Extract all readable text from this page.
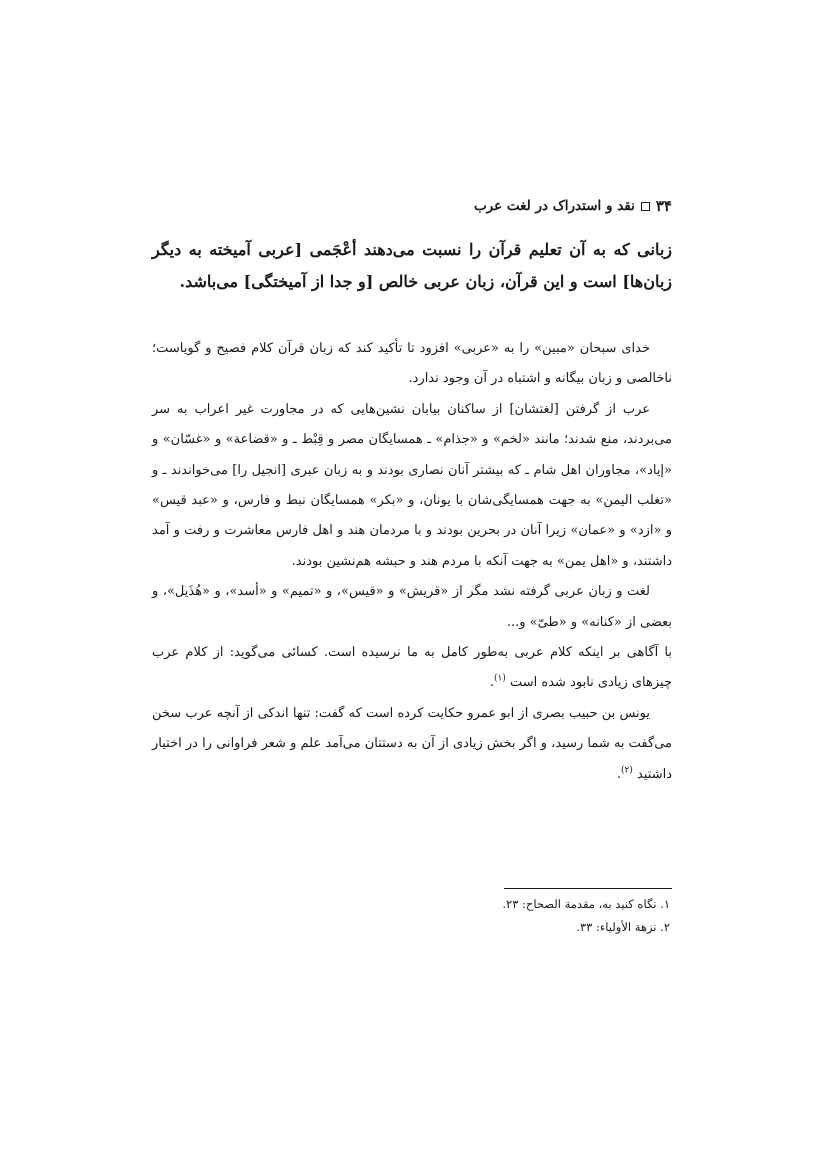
۳۴
نقد و استدراک در لغت عرب

زبانی که به آن تعلیم قرآن را نسبت می‌دهند أعْجَمی [عربی آمیخته به دیگر زبان‌ها] است و این قرآن، زبان عربی خالص [و جدا از آمیختگی] می‌باشد.

خدای سبحان «مبین» را به «عربی» افزود تا تأکید کند که زبان قرآن کلام فصیح و گویاست؛ ناخالصی و زبان بیگانه و اشتباه در آن وجود ندارد.

عرب از گرفتن [لغتشان] از ساکنان بیابان نشین‌هایی که در مجاورت غیر اعراب به سر می‌بردند، منع شدند؛ مانند «لخم» و «جذام» ـ همسایگان مصر و قِبْط ـ و «قضاعة» و «غسّان» و «إیاد»، مجاوران اهل شام ـ که بیشتر آنان نصاری بودند و به زبان عبری [انجیل را] می‌خواندند ـ و «تغلب الیمن» به جهت همسایگی‌شان با یونان، و «بکر» همسایگان نبط و فارس، و «عبد قیس» و «ازد» و «عمان» زیرا آنان در بحرین بودند و با مردمان هند و اهل فارس معاشرت و رفت و آمد داشتند، و «اهل یمن» به جهت آنکه با مردم هند و حبشه هم‌نشین بودند.

لغت و زبان عربی گرفته نشد مگر از «قریش» و «قیس»، و «تمیم» و «أسد»، و «هُذَیل»، و بعضی از «کنانه» و «طیّ» و...

با آگاهی بر اینکه کلام عربی به‌طور کامل به ما نرسیده است. کسائی می‌گوید: از کلام عرب چیزهای زیادی نابود شده است $^{(۱)}$.

یونس بن حبیب بصری از ابو عمرو حکایت کرده است که گفت: تنها اندکی از آنچه عرب سخن می‌گفت به شما رسید، و اگر بخش زیادی از آن به دستتان می‌آمد علم و شعر فراوانی را در اختیار داشتید $^{(۲)}$.

۱. نگاه کنید به، مقدمة الصحاح: ۲۳.
۲. نزهة الأولیاء: ۳۳.
